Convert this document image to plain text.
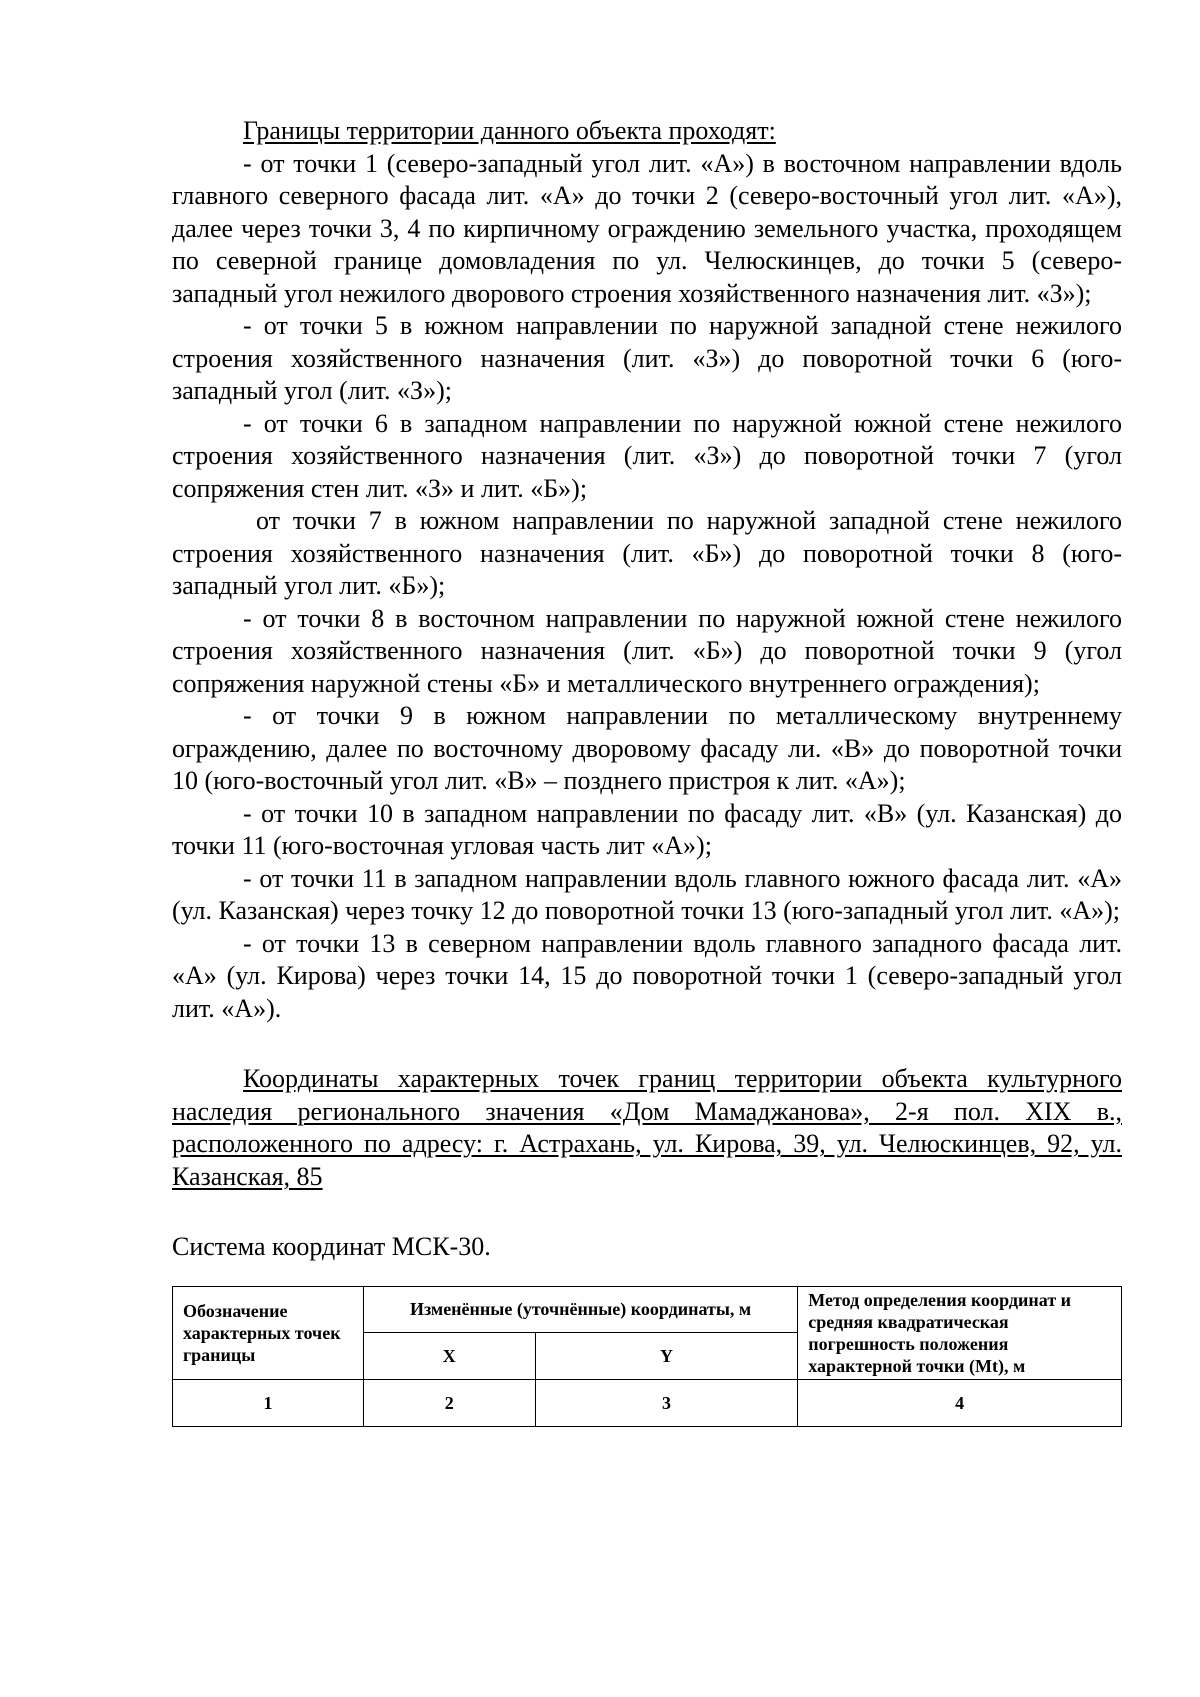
Границы территории данного объекта проходят:

- от точки 1 (северо-западный угол лит. «А») в восточном направлении вдоль главного северного фасада лит. «А» до точки 2 (северо-восточный угол лит. «А»), далее через точки 3, 4 по кирпичному ограждению земельного участка, проходящем по северной границе домовладения по ул. Челюскинцев, до точки 5 (северо-западный угол нежилого дворового строения хозяйственного назначения лит. «З»);

- от точки 5 в южном направлении по наружной западной стене нежилого строения хозяйственного назначения (лит. «З») до поворотной точки 6 (юго-западный угол (лит. «З»);

- от точки 6 в западном направлении по наружной южной стене нежилого строения хозяйственного назначения (лит. «З») до поворотной точки 7 (угол сопряжения стен лит. «З» и лит. «Б»);

от точки 7 в южном направлении по наружной западной стене нежилого строения хозяйственного назначения (лит. «Б») до поворотной точки 8 (юго-западный угол лит. «Б»);

- от точки 8 в восточном направлении по наружной южной стене нежилого строения хозяйственного назначения (лит. «Б») до поворотной точки 9 (угол сопряжения наружной стены «Б» и металлического внутреннего ограждения);

- от точки 9 в южном направлении по металлическому внутреннему ограждению, далее по восточному дворовому фасаду ли. «В» до поворотной точки 10 (юго-восточный угол лит. «В» – позднего пристроя к лит. «А»);

- от точки 10 в западном направлении по фасаду лит. «В» (ул. Казанская) до точки 11 (юго-восточная угловая часть лит «А»);

- от точки 11 в западном направлении вдоль главного южного фасада лит. «А» (ул. Казанская) через точку 12 до поворотной точки 13 (юго-западный угол лит. «А»);

- от точки 13 в северном направлении вдоль главного западного фасада лит. «А» (ул. Кирова) через точки 14, 15 до поворотной точки 1 (северо-западный угол лит. «А»).

Координаты характерных точек границ территории объекта культурного наследия регионального значения «Дом Мамаджанова», 2-я пол. XIX в., расположенного по адресу: г. Астрахань, ул. Кирова, 39, ул. Челюскинцев, 92, ул. Казанская, 85

Система координат МСК-30.

Обозначение характерных точек границы	Изменённые (уточнённые) координаты, м		Метод определения координат и средняя квадратическая погрешность положения характерной точки (Mt), м
	X	Y	
1	2	3	4
